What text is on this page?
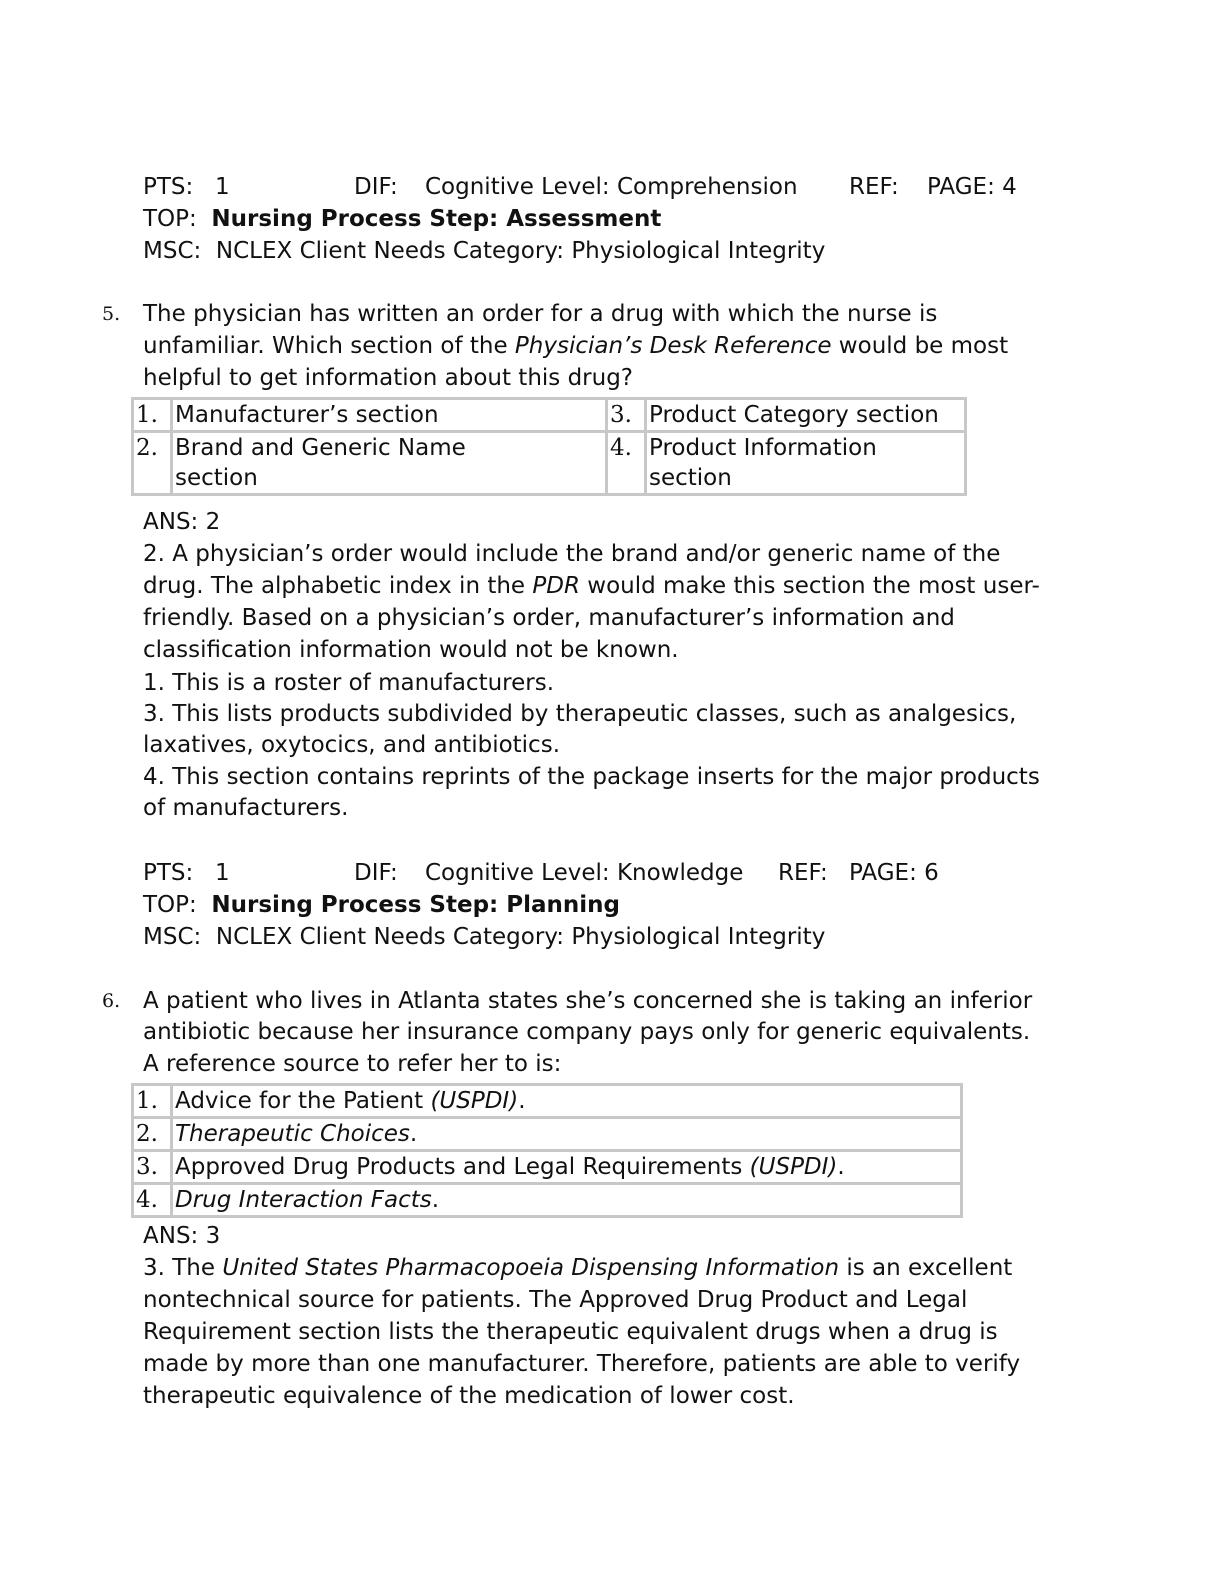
PTS: 1	DIF: Cognitive Level: Comprehension REF: PAGE: 4
TOP: Nursing Process Step: Assessment
MSC: NCLEX Client Needs Category: Physiological Integrity
5. The physician has written an order for a drug with which the nurse is
unfamiliar. Which section of the Physician’s Desk Reference would be most
helpful to get information about this drug?
1.	Manufacturer’s section	3.	Product Category section
2.	Brand and Generic Name section	4.	Product Information section
ANS: 2
2. A physician’s order would include the brand and/or generic name of the
drug. The alphabetic index in the PDR would make this section the most user-
friendly. Based on a physician’s order, manufacturer’s information and
classification information would not be known.
1. This is a roster of manufacturers.
3. This lists products subdivided by therapeutic classes, such as analgesics,
laxatives, oxytocics, and antibiotics.
4. This section contains reprints of the package inserts for the major products
of manufacturers.
PTS: 1	DIF: Cognitive Level: Knowledge REF: PAGE: 6
TOP: Nursing Process Step: Planning
MSC: NCLEX Client Needs Category: Physiological Integrity
6. A patient who lives in Atlanta states she’s concerned she is taking an inferior
antibiotic because her insurance company pays only for generic equivalents.
A reference source to refer her to is:
1.	Advice for the Patient (USPDI).
2.	Therapeutic Choices.
3.	Approved Drug Products and Legal Requirements (USPDI).
4.	Drug Interaction Facts.
ANS: 3
3. The United States Pharmacopoeia Dispensing Information is an excellent
nontechnical source for patients. The Approved Drug Product and Legal
Requirement section lists the therapeutic equivalent drugs when a drug is
made by more than one manufacturer. Therefore, patients are able to verify
therapeutic equivalence of the medication of lower cost.
